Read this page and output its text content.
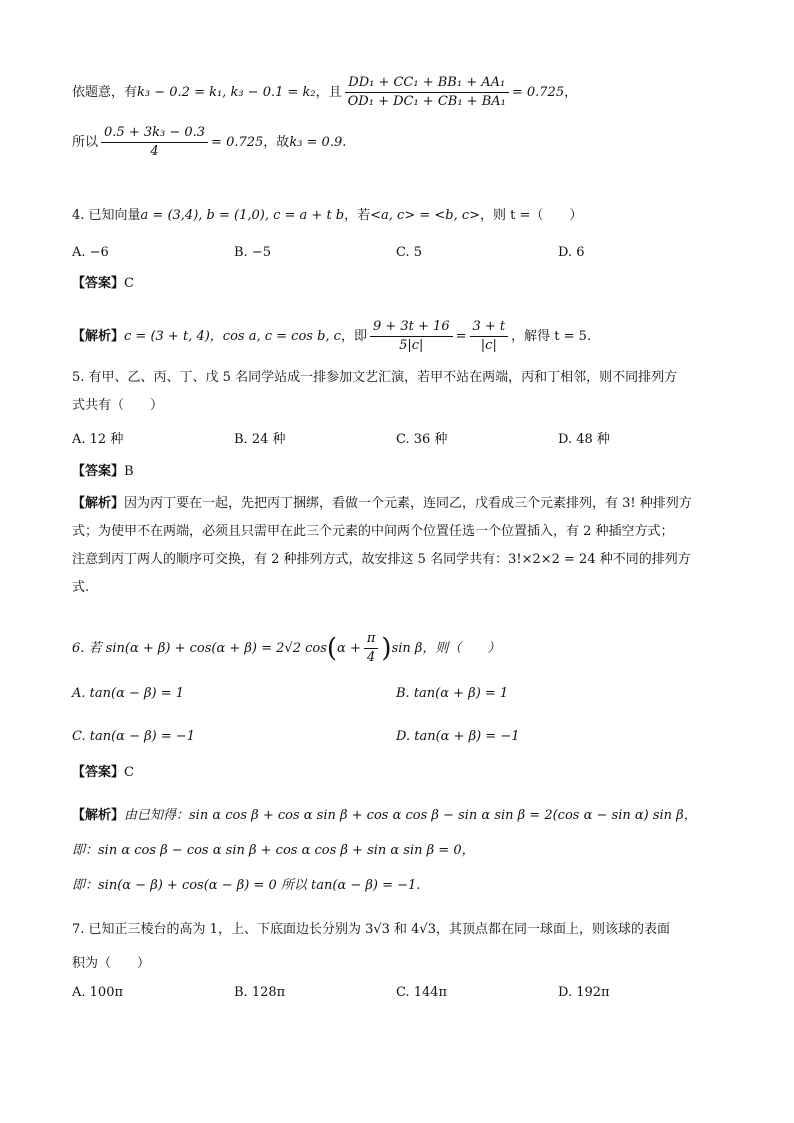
依题意，有k₃ − 0.2 = k₁, k₃ − 0.1 = k₂，且 $\frac{\text{DD₁ + CC₁ + BB₁ + AA₁}}{\text{OD₁ + DC₁ + CB₁ + BA₁}} = 0.725$，
所以 $\frac{\text{0.5 + 3k₃ − 0.3}}{4} = 0.725$，故k₃ = 0.9.
4. 已知向量a = (3,4), b = (1,0), c = a + t b，若<a, c> = <b, c>，则 t =（　　）
A. −6	B. −5	C. 5	D. 6
【答案】C
【解析】c = (3 + t, 4)，cos a, c = cos b, c，即 $\frac{9 + 3t + 16}{5|c|} = \frac{3 + t}{|c|}$ ，解得 t = 5.
5. 有甲、乙、丙、丁、戊 5 名同学站成一排参加文艺汇演，若甲不站在两端，丙和丁相邻，则不同排列方
式共有（　　）
A. 12 种	B. 24 种	C. 36 种	D. 48 种
【答案】B
【解析】因为丙丁要在一起，先把丙丁捆绑，看做一个元素，连同乙，戊看成三个元素排列，有 3! 种排列方
式；为使甲不在两端，必须且只需甲在此三个元素的中间两个位置任选一个位置插入，有 2 种插空方式；
注意到丙丁两人的顺序可交换，有 2 种排列方式，故安排这 5 名同学共有：3!×2×2 = 24 种不同的排列方
式.
6. 若 sin(α + β) + cos(α + β) = 2√2 $\cos(\alpha + \frac{\pi}{4} )\sin$ β，则（　　）
A. tan(α − β) = 1	B. tan(α + β) = 1
C. tan(α − β) = −1	D. tan(α + β) = −1
【答案】C
【解析】由已知得：sin α cos β + cos α sin β + cos α cos β − sin α sin β = 2(cos α − sin α) sin β，
即：sin α cos β − cos α sin β + cos α cos β + sin α sin β = 0，
即：sin(α − β) + cos(α − β) = 0 所以 tan(α − β) = −1.
7. 已知正三棱台的高为 1，上、下底面边长分别为 3√3 和 4√3，其顶点都在同一球面上，则该球的表面
积为（　　）
A. 100π	B. 128π	C. 144π	D. 192π
